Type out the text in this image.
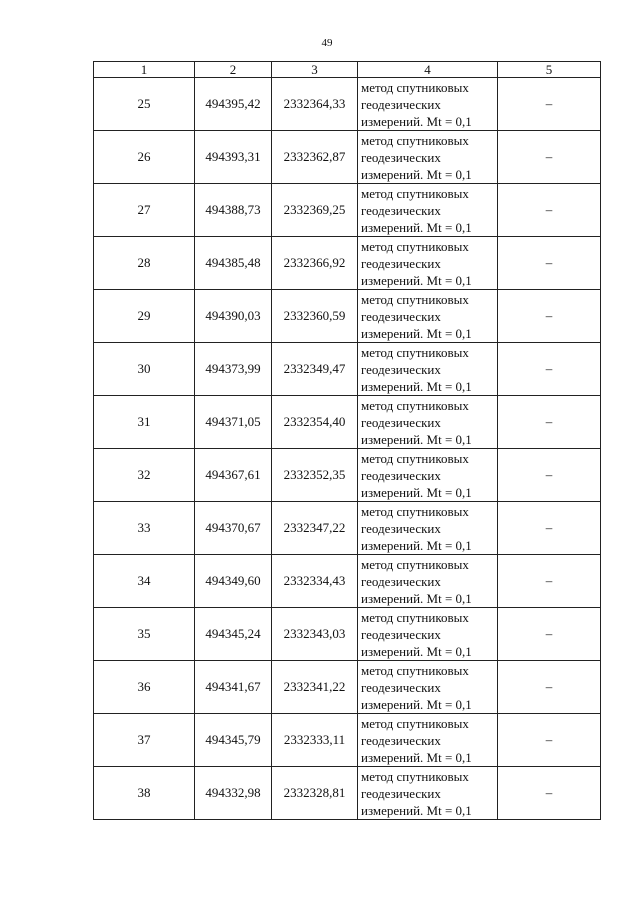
49
1	2	3	4	5
25	494395,42	2332364,33	метод спутниковых
геодезических
измерений. Mt = 0,1	–
26	494393,31	2332362,87	метод спутниковых
геодезических
измерений. Mt = 0,1	–
27	494388,73	2332369,25	метод спутниковых
геодезических
измерений. Mt = 0,1	–
28	494385,48	2332366,92	метод спутниковых
геодезических
измерений. Mt = 0,1	–
29	494390,03	2332360,59	метод спутниковых
геодезических
измерений. Mt = 0,1	–
30	494373,99	2332349,47	метод спутниковых
геодезических
измерений. Mt = 0,1	–
31	494371,05	2332354,40	метод спутниковых
геодезических
измерений. Mt = 0,1	–
32	494367,61	2332352,35	метод спутниковых
геодезических
измерений. Mt = 0,1	–
33	494370,67	2332347,22	метод спутниковых
геодезических
измерений. Mt = 0,1	–
34	494349,60	2332334,43	метод спутниковых
геодезических
измерений. Mt = 0,1	–
35	494345,24	2332343,03	метод спутниковых
геодезических
измерений. Mt = 0,1	–
36	494341,67	2332341,22	метод спутниковых
геодезических
измерений. Mt = 0,1	–
37	494345,79	2332333,11	метод спутниковых
геодезических
измерений. Mt = 0,1	–
38	494332,98	2332328,81	метод спутниковых
геодезических
измерений. Mt = 0,1	–
